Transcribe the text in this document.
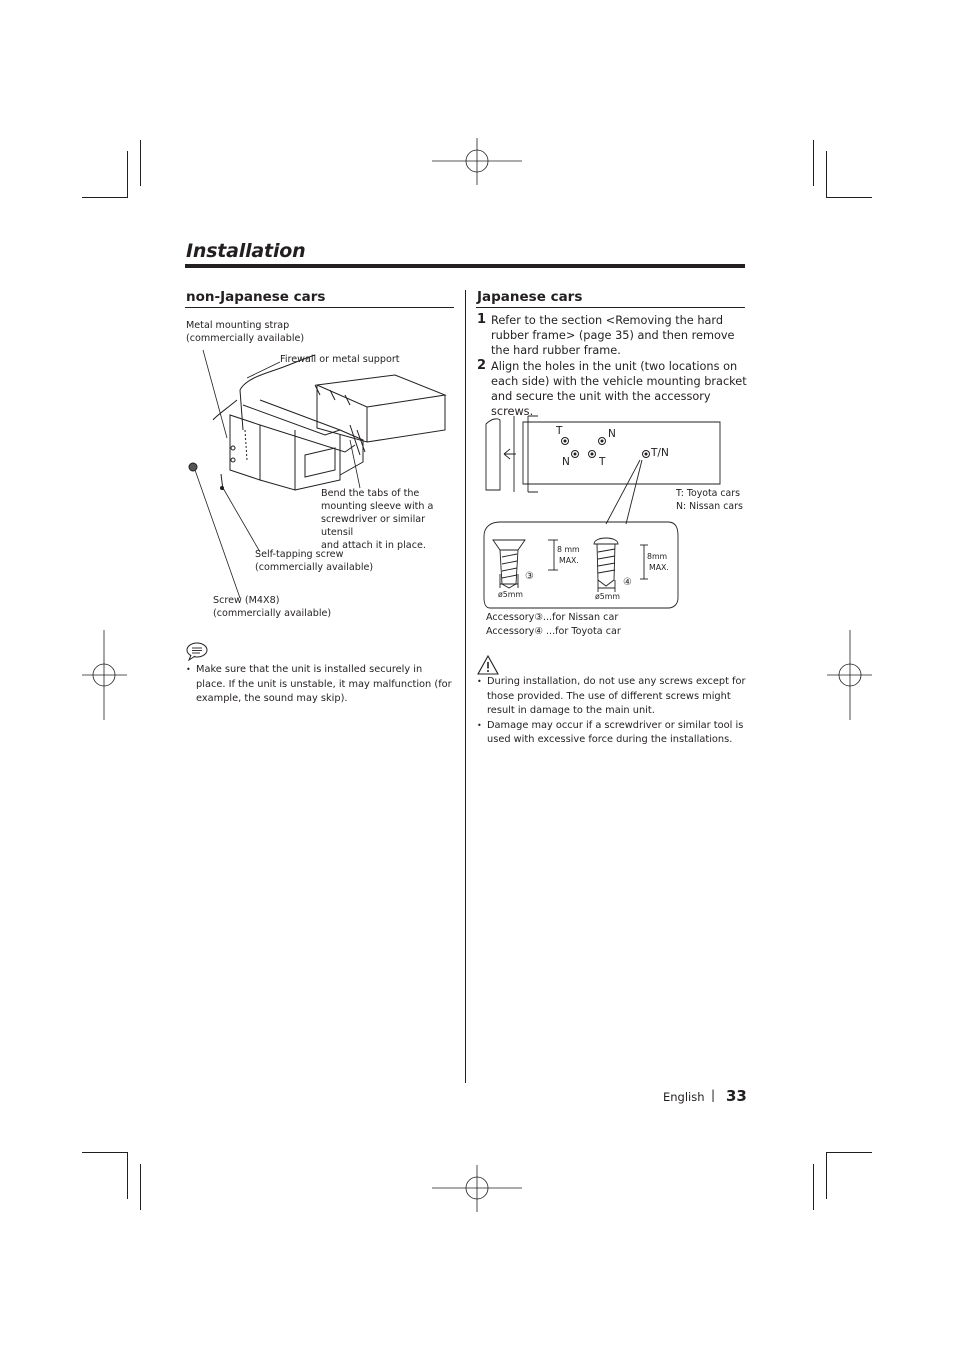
Installation
non-Japanese cars
Metal mounting strap
(commercially available)
Firewall or metal support
Bend the tabs of the
mounting sleeve with a
screwdriver or similar utensil
and attach it in place.
Self-tapping screw
(commercially available)
Screw (M4X8)
(commercially available)
• Make sure that the unit is installed securely in place. If the unit is unstable, it may malfunction (for example, the sound may skip).
Japanese cars
1 Refer to the section <Removing the hard rubber frame> (page 35) and then remove the hard rubber frame.
2 Align the holes in the unit (two locations on each side) with the vehicle mounting bracket and secure the unit with the accessory screws.
T	N
N	T
T/N
T: Toyota cars
N: Nissan cars
8 mm
MAX.
ø5mm
③
8mm
MAX.
ø5mm
④
Accessory③...for Nissan car
Accessory④ ...for Toyota car
• During installation, do not use any screws except for those provided. The use of different screws might result in damage to the main unit.
• Damage may occur if a screwdriver or similar tool is used with excessive force during the installations.
English | 33
